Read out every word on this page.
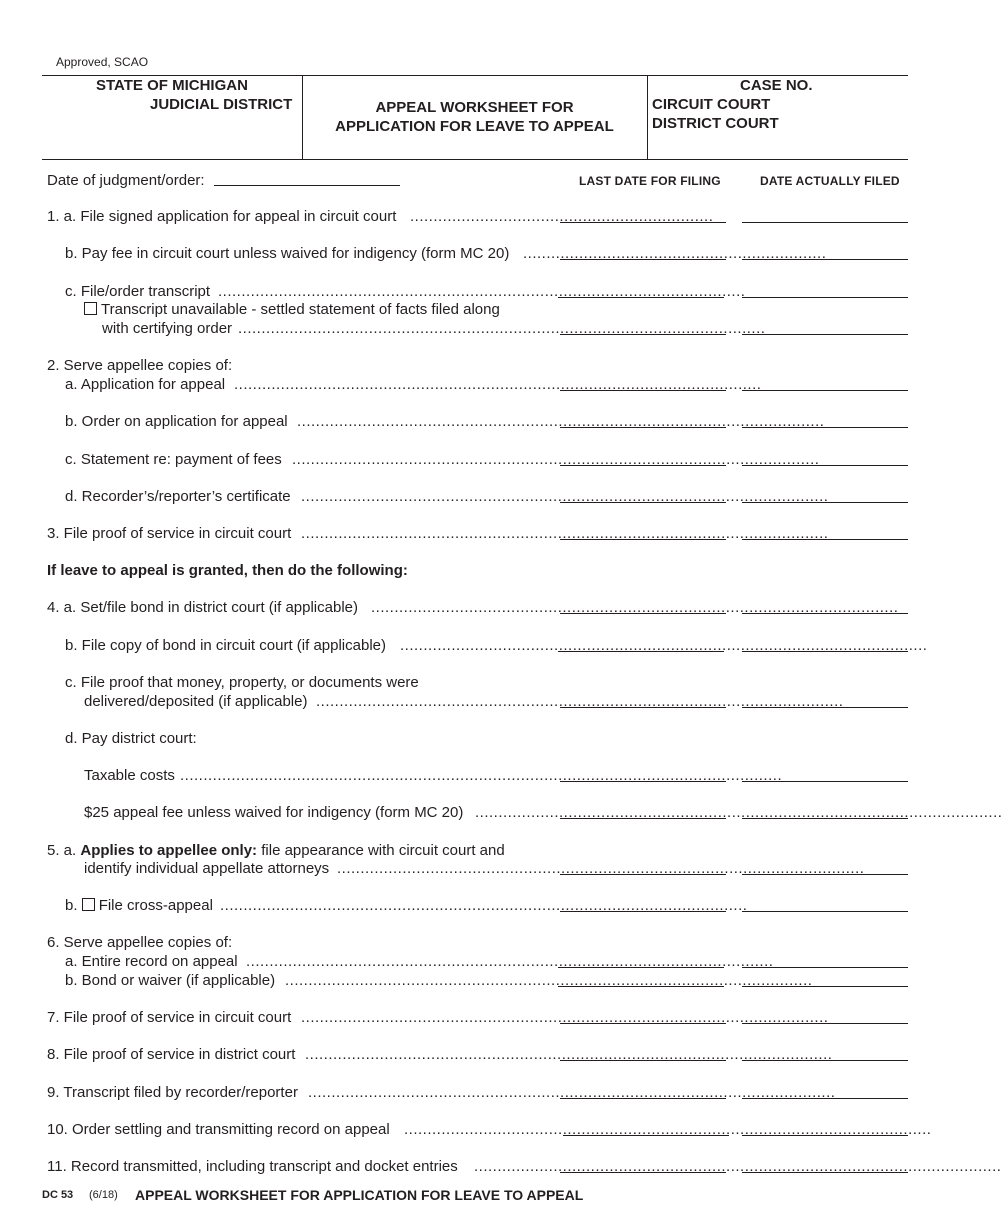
Approved, SCAO
STATE OF MICHIGAN
JUDICIAL DISTRICT	APPEAL WORKSHEET FOR
APPLICATION FOR LEAVE TO APPEAL
CASE NO.
CIRCUIT COURT
DISTRICT COURT
Date of judgment/order:	LAST DATE FOR FILING	DATE ACTUALLY FILED
1. a. File signed application for appeal in circuit court .................................................................
b. Pay fee in circuit court unless waived for indigency (form MC 20) .................................................................
c. File/order transcript .................................................................................................................
Transcript unavailable - settled statement of facts filed along
with certifying order .................................................................................................................
2. Serve appellee copies of:
a. Application for appeal .................................................................................................................
b. Order on application for appeal .................................................................................................................
c. Statement re: payment of fees .................................................................................................................
d. Recorder’s/reporter’s certificate .................................................................................................................
3. File proof of service in circuit court .................................................................................................................
If leave to appeal is granted, then do the following:
4. a. Set/file bond in district court (if applicable) .................................................................................................................
b. File copy of bond in circuit court (if applicable) .................................................................................................................
c. File proof that money, property, or documents were
delivered/deposited (if applicable) .................................................................................................................
d. Pay district court:
Taxable costs .................................................................................................................................
$25 appeal fee unless waived for indigency (form MC 20) .................................................................................................................
5. a. Applies to appellee only: file appearance with circuit court and
identify individual appellate attorneys .................................................................................................................
b. File cross-appeal .................................................................................................................
6. Serve appellee copies of:
a. Entire record on appeal .................................................................................................................
b. Bond or waiver (if applicable) .................................................................................................................
7. File proof of service in circuit court .................................................................................................................
8. File proof of service in district court .................................................................................................................
9. Transcript filed by recorder/reporter .................................................................................................................
10. Order settling and transmitting record on appeal .................................................................................................................
11. Record transmitted, including transcript and docket entries .................................................................................................................
DC 53 (6/18) APPEAL WORKSHEET FOR APPLICATION FOR LEAVE TO APPEAL
